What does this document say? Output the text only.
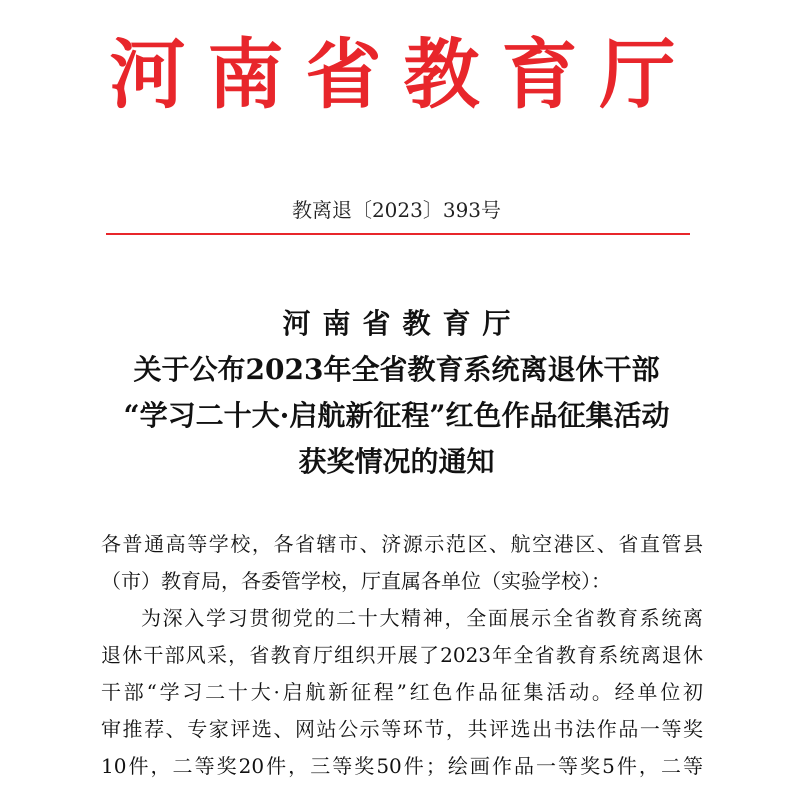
河南省教育厅
教离退〔2023〕393号
河南省教育厅
关于公布2023年全省教育系统离退休干部
“学习二十大·启航新征程”红色作品征集活动
获奖情况的通知
各普通高等学校，各省辖市、济源示范区、航空港区、省直管县
（市）教育局，各委管学校，厅直属各单位（实验学校）：
为深入学习贯彻党的二十大精神，全面展示全省教育系统离
退休干部风采，省教育厅组织开展了2023年全省教育系统离退休
干部“学习二十大·启航新征程”红色作品征集活动。经单位初
审推荐、专家评选、网站公示等环节，共评选出书法作品一等奖
10件，二等奖20件，三等奖50件；绘画作品一等奖5件，二等
